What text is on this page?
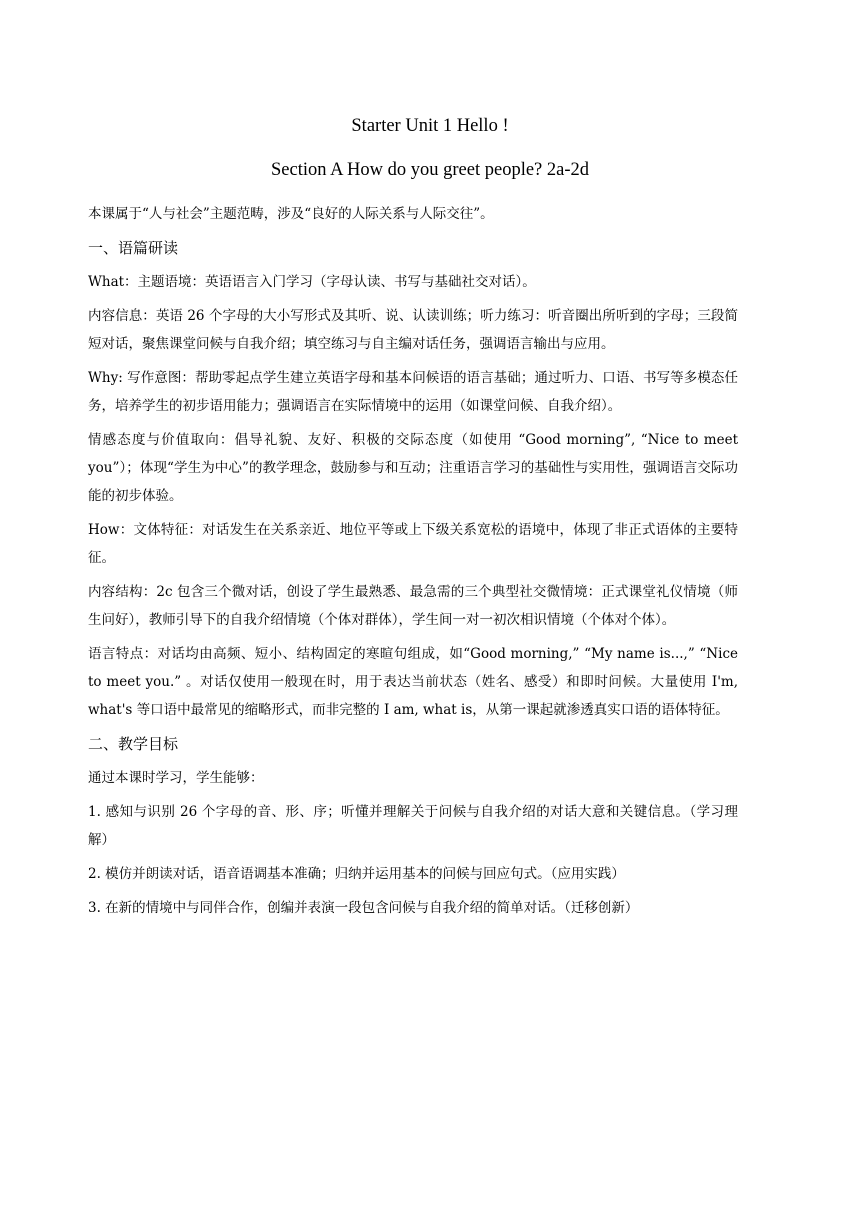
Starter Unit 1 Hello !
Section A How do you greet people? 2a-2d

本课属于“人与社会”主题范畴，涉及“良好的人际关系与人际交往”。

一、语篇研读

What：主题语境：英语语言入门学习（字母认读、书写与基础社交对话）。

内容信息：英语 26 个字母的大小写形式及其听、说、认读训练；听力练习：听音圈出所听到的字母；三段简短对话，聚焦课堂问候与自我介绍；填空练习与自主编对话任务，强调语言输出与应用。

Why: 写作意图：帮助零起点学生建立英语字母和基本问候语的语言基础；通过听力、口语、书写等多模态任务，培养学生的初步语用能力；强调语言在实际情境中的运用（如课堂问候、自我介绍）。

情感态度与价值取向：倡导礼貌、友好、积极的交际态度（如使用 “Good morning”, “Nice to meet you”）；体现“学生为中心”的教学理念，鼓励参与和互动；注重语言学习的基础性与实用性，强调语言交际功能的初步体验。

How：文体特征：对话发生在关系亲近、地位平等或上下级关系宽松的语境中，体现了非正式语体的主要特征。

内容结构：2c 包含三个微对话，创设了学生最熟悉、最急需的三个典型社交微情境：正式课堂礼仪情境（师生问好），教师引导下的自我介绍情境（个体对群体），学生间一对一初次相识情境（个体对个体）。

语言特点：对话均由高频、短小、结构固定的寒暄句组成，如“Good morning,” “My name is...,” “Nice to meet you.” 。对话仅使用一般现在时，用于表达当前状态（姓名、感受）和即时问候。大量使用 I'm, what's 等口语中最常见的缩略形式，而非完整的 I am, what is，从第一课起就渗透真实口语的语体特征。

二、教学目标

通过本课时学习，学生能够：

1. 感知与识别 26 个字母的音、形、序；听懂并理解关于问候与自我介绍的对话大意和关键信息。（学习理解）

2. 模仿并朗读对话，语音语调基本准确；归纳并运用基本的问候与回应句式。（应用实践）

3. 在新的情境中与同伴合作，创编并表演一段包含问候与自我介绍的简单对话。（迁移创新）
